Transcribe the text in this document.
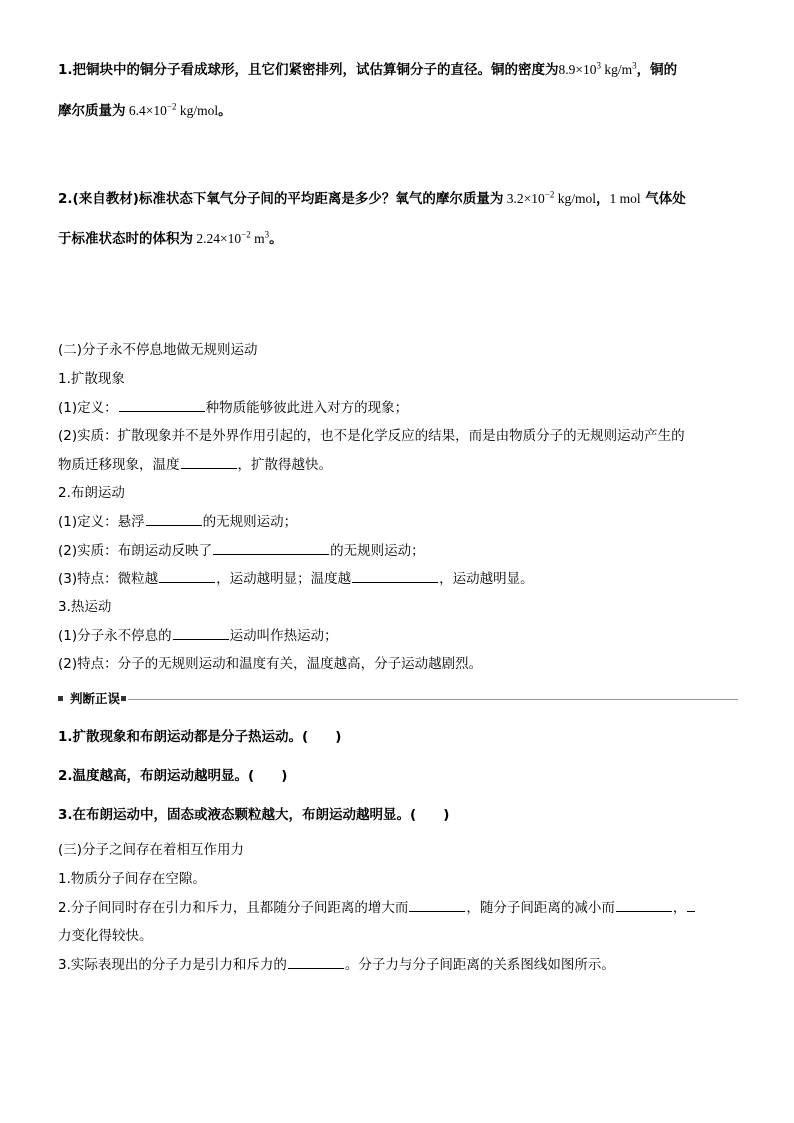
1.把铜块中的铜分子看成球形，且它们紧密排列，试估算铜分子的直径。铜的密度为$8.9\times 10^3$ $kg/m^3$，铜的
摩尔质量为 $6.4\times 10^{-2}$ kg/mol。
2.(来自教材)标准状态下氧气分子间的平均距离是多少？氧气的摩尔质量为 $3.2\times 10^{-2}$ kg/mol，1 mol 气体处
于标准状态时的体积为 $2.24\times 10^{-2}$ $m^3$。
(二)分子永不停息地做无规则运动
1.扩散现象
(1)定义：	种物质能够彼此进入对方的现象；
(2)实质：扩散现象并不是外界作用引起的，也不是化学反应的结果，而是由物质分子的无规则运动产生的
物质迁移现象，温度	，扩散得越快。
2.布朗运动
(1)定义：悬浮	的无规则运动；
(2)实质：布朗运动反映了	的无规则运动；
(3)特点：微粒越	，运动越明显；温度越	，运动越明显。
3.热运动
(1)分子永不停息的	运动叫作热运动；
(2)特点：分子的无规则运动和温度有关，温度越高，分子运动越剧烈。
判断正误
1.扩散现象和布朗运动都是分子热运动。(　　)
2.温度越高，布朗运动越明显。(　　)
3.在布朗运动中，固态或液态颗粒越大，布朗运动越明显。(　　)
(三)分子之间存在着相互作用力
1.物质分子间存在空隙。
2.分子间同时存在引力和斥力，且都随分子间距离的增大而	，随分子间距离的减小而	，
力变化得较快。
3.实际表现出的分子力是引力和斥力的	。分子力与分子间距离的关系图线如图所示。
